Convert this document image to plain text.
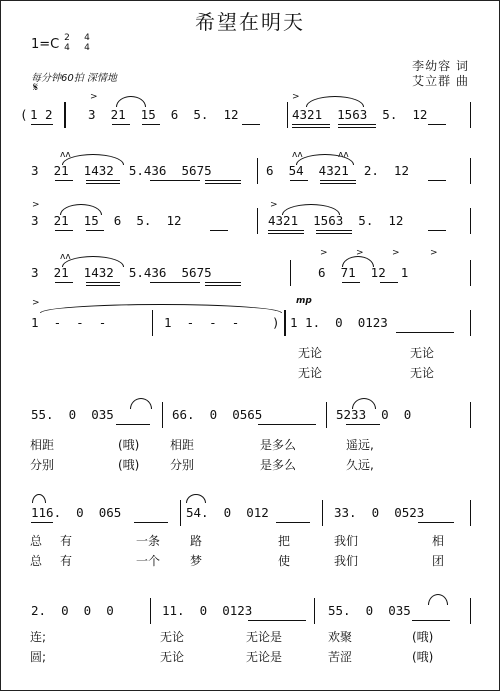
希望在明天
1=C 2
4
4
4
每分钟60拍 深情地
李幼容 词
艾立群 曲
𝄋
( 1 2	3  21  15  6  5.  12	4321  1563  5.  12
>	>
3  21  1432  5.436  5675	6  54  4321  2.  12
ʌʌ	ʌʌ	ʌʌ
3  21  15  6  5.  12	4321  1563  5.  12
>	>
3  21  1432  5.436  5675	6  71  12  1
ʌʌ	>	>	>	>
>
1  -  -  -	1  -  -  -	)
mp
1 1.  0  0123
无论	无论
无论	无论
55.  0  035	66.  0  0565	5233  0  0
相距	(哦)	相距	是多么	遥远,
分别	(哦)	分别	是多么	久远,
116.  0  065	54.  0  012	33.  0  0523
总 有	一条 路	把	我们	相
总 有	一个 梦	使	我们	团
2.  0  0  0	11.  0  0123	55.  0  035
连;	无论	无论是	欢聚	(哦)
圆;	无论	无论是	苦涩	(哦)
